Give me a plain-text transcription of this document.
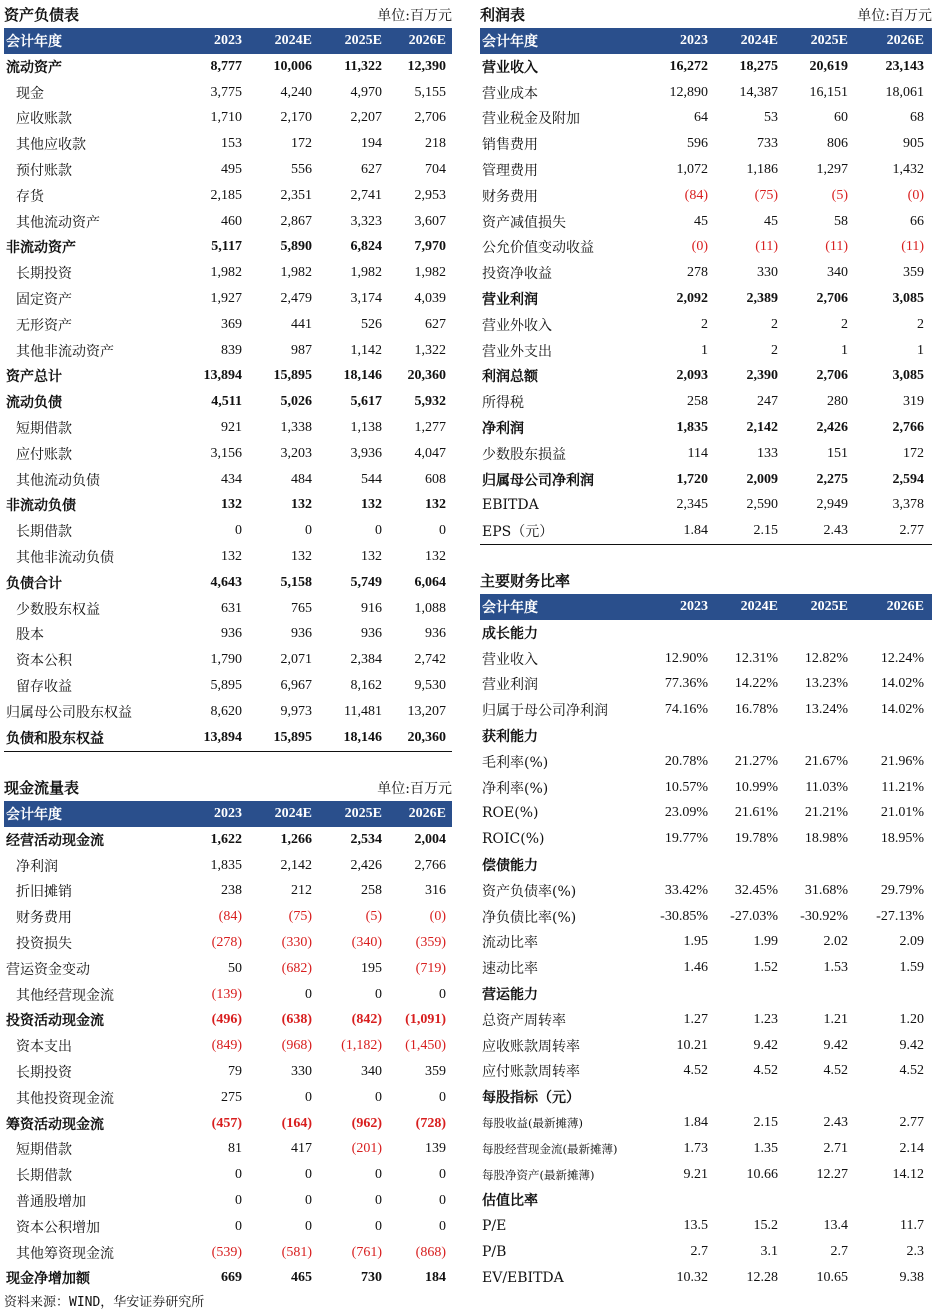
资产负债表	单位:百万元
会计年度	2023	2024E	2025E	2026E
流动资产	8,777	10,006	11,322	12,390
现金	3,775	4,240	4,970	5,155
应收账款	1,710	2,170	2,207	2,706
其他应收款	153	172	194	218
预付账款	495	556	627	704
存货	2,185	2,351	2,741	2,953
其他流动资产	460	2,867	3,323	3,607
非流动资产	5,117	5,890	6,824	7,970
长期投资	1,982	1,982	1,982	1,982
固定资产	1,927	2,479	3,174	4,039
无形资产	369	441	526	627
其他非流动资产	839	987	1,142	1,322
资产总计	13,894	15,895	18,146	20,360
流动负债	4,511	5,026	5,617	5,932
短期借款	921	1,338	1,138	1,277
应付账款	3,156	3,203	3,936	4,047
其他流动负债	434	484	544	608
非流动负债	132	132	132	132
长期借款	0	0	0	0
其他非流动负债	132	132	132	132
负债合计	4,643	5,158	5,749	6,064
少数股东权益	631	765	916	1,088
股本	936	936	936	936
资本公积	1,790	2,071	2,384	2,742
留存收益	5,895	6,967	8,162	9,530
归属母公司股东权益	8,620	9,973	11,481	13,207
负债和股东权益	13,894	15,895	18,146	20,360
现金流量表	单位:百万元
会计年度	2023	2024E	2025E	2026E
经营活动现金流	1,622	1,266	2,534	2,004
净利润	1,835	2,142	2,426	2,766
折旧摊销	238	212	258	316
财务费用	(84)	(75)	(5)	(0)
投资损失	(278)	(330)	(340)	(359)
营运资金变动	50	(682)	195	(719)
其他经营现金流	(139)	0	0	0
投资活动现金流	(496)	(638)	(842)	(1,091)
资本支出	(849)	(968)	(1,182)	(1,450)
长期投资	79	330	340	359
其他投资现金流	275	0	0	0
筹资活动现金流	(457)	(164)	(962)	(728)
短期借款	81	417	(201)	139
长期借款	0	0	0	0
普通股增加	0	0	0	0
资本公积增加	0	0	0	0
其他筹资现金流	(539)	(581)	(761)	(868)
现金净增加额	669	465	730	184
利润表	单位:百万元
会计年度	2023	2024E	2025E	2026E
营业收入	16,272	18,275	20,619	23,143
营业成本	12,890	14,387	16,151	18,061
营业税金及附加	64	53	60	68
销售费用	596	733	806	905
管理费用	1,072	1,186	1,297	1,432
财务费用	(84)	(75)	(5)	(0)
资产减值损失	45	45	58	66
公允价值变动收益	(0)	(11)	(11)	(11)
投资净收益	278	330	340	359
营业利润	2,092	2,389	2,706	3,085
营业外收入	2	2	2	2
营业外支出	1	2	1	1
利润总额	2,093	2,390	2,706	3,085
所得税	258	247	280	319
净利润	1,835	2,142	2,426	2,766
少数股东损益	114	133	151	172
归属母公司净利润	1,720	2,009	2,275	2,594
EBITDA	2,345	2,590	2,949	3,378
EPS（元）	1.84	2.15	2.43	2.77
主要财务比率
会计年度	2023	2024E	2025E	2026E
成长能力
营业收入	12.90%	12.31%	12.82%	12.24%
营业利润	77.36%	14.22%	13.23%	14.02%
归属于母公司净利润	74.16%	16.78%	13.24%	14.02%
获利能力
毛利率(%)	20.78%	21.27%	21.67%	21.96%
净利率(%)	10.57%	10.99%	11.03%	11.21%
ROE(%)	23.09%	21.61%	21.21%	21.01%
ROIC(%)	19.77%	19.78%	18.98%	18.95%
偿债能力
资产负债率(%)	33.42%	32.45%	31.68%	29.79%
净负债比率(%)	-30.85%	-27.03%	-30.92%	-27.13%
流动比率	1.95	1.99	2.02	2.09
速动比率	1.46	1.52	1.53	1.59
营运能力
总资产周转率	1.27	1.23	1.21	1.20
应收账款周转率	10.21	9.42	9.42	9.42
应付账款周转率	4.52	4.52	4.52	4.52
每股指标（元）
每股收益(最新摊薄)	1.84	2.15	2.43	2.77
每股经营现金流(最新摊薄)	1.73	1.35	2.71	2.14
每股净资产(最新摊薄)	9.21	10.66	12.27	14.12
估值比率
P/E	13.5	15.2	13.4	11.7
P/B	2.7	3.1	2.7	2.3
EV/EBITDA	10.32	12.28	10.65	9.38
资料来源：WIND，华安证券研究所
